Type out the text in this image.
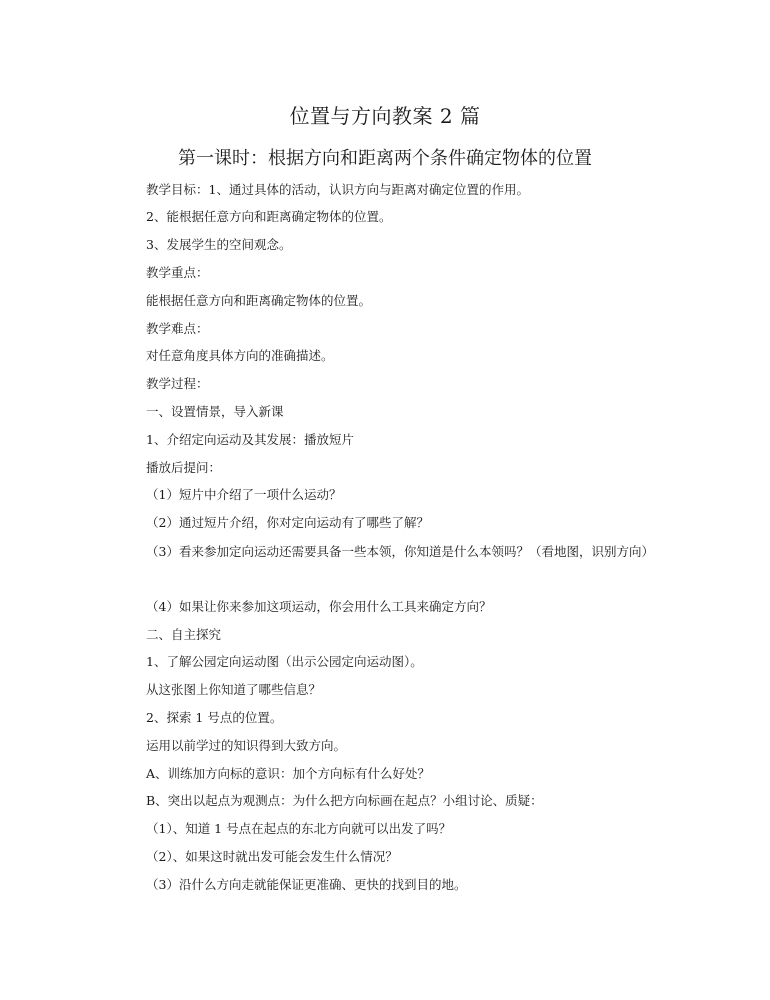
位置与方向教案 2 篇
第一课时：根据方向和距离两个条件确定物体的位置
教学目标：1、通过具体的活动，认识方向与距离对确定位置的作用。
2、能根据任意方向和距离确定物体的位置。
3、发展学生的空间观念。
教学重点：
能根据任意方向和距离确定物体的位置。
教学难点：
对任意角度具体方向的准确描述。
教学过程：
一、设置情景，导入新课
1、介绍定向运动及其发展：播放短片
播放后提问：
（1）短片中介绍了一项什么运动？
（2）通过短片介绍，你对定向运动有了哪些了解？
（3）看来参加定向运动还需要具备一些本领，你知道是什么本领吗？（看地图，识别方向）
（4）如果让你来参加这项运动，你会用什么工具来确定方向？
二、自主探究
1、了解公园定向运动图（出示公园定向运动图）。
从这张图上你知道了哪些信息？
2、探索 1 号点的位置。
运用以前学过的知识得到大致方向。
A、训练加方向标的意识：加个方向标有什么好处？
B、突出以起点为观测点：为什么把方向标画在起点？小组讨论、质疑：
（1）、知道 1 号点在起点的东北方向就可以出发了吗？
（2）、如果这时就出发可能会发生什么情况？
（3）沿什么方向走就能保证更准确、更快的找到目的地。
